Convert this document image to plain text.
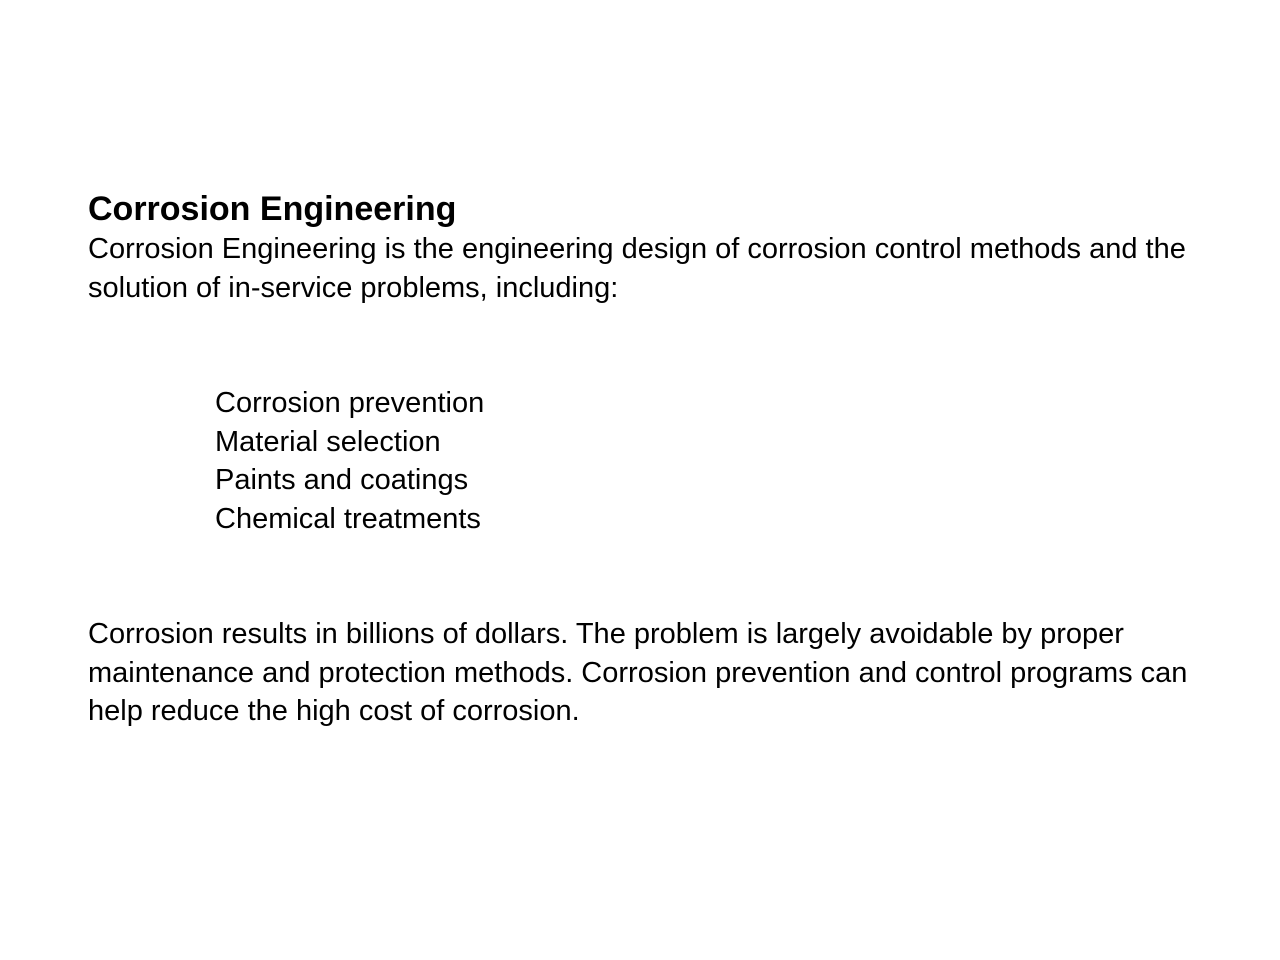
Corrosion Engineering

Corrosion Engineering is the engineering design of corrosion control methods and the solution of in-service problems, including:

Corrosion prevention
Material selection
Paints and coatings
Chemical treatments

Corrosion results in billions of dollars. The problem is largely avoidable by proper maintenance and protection methods. Corrosion prevention and control programs can help reduce the high cost of corrosion.
